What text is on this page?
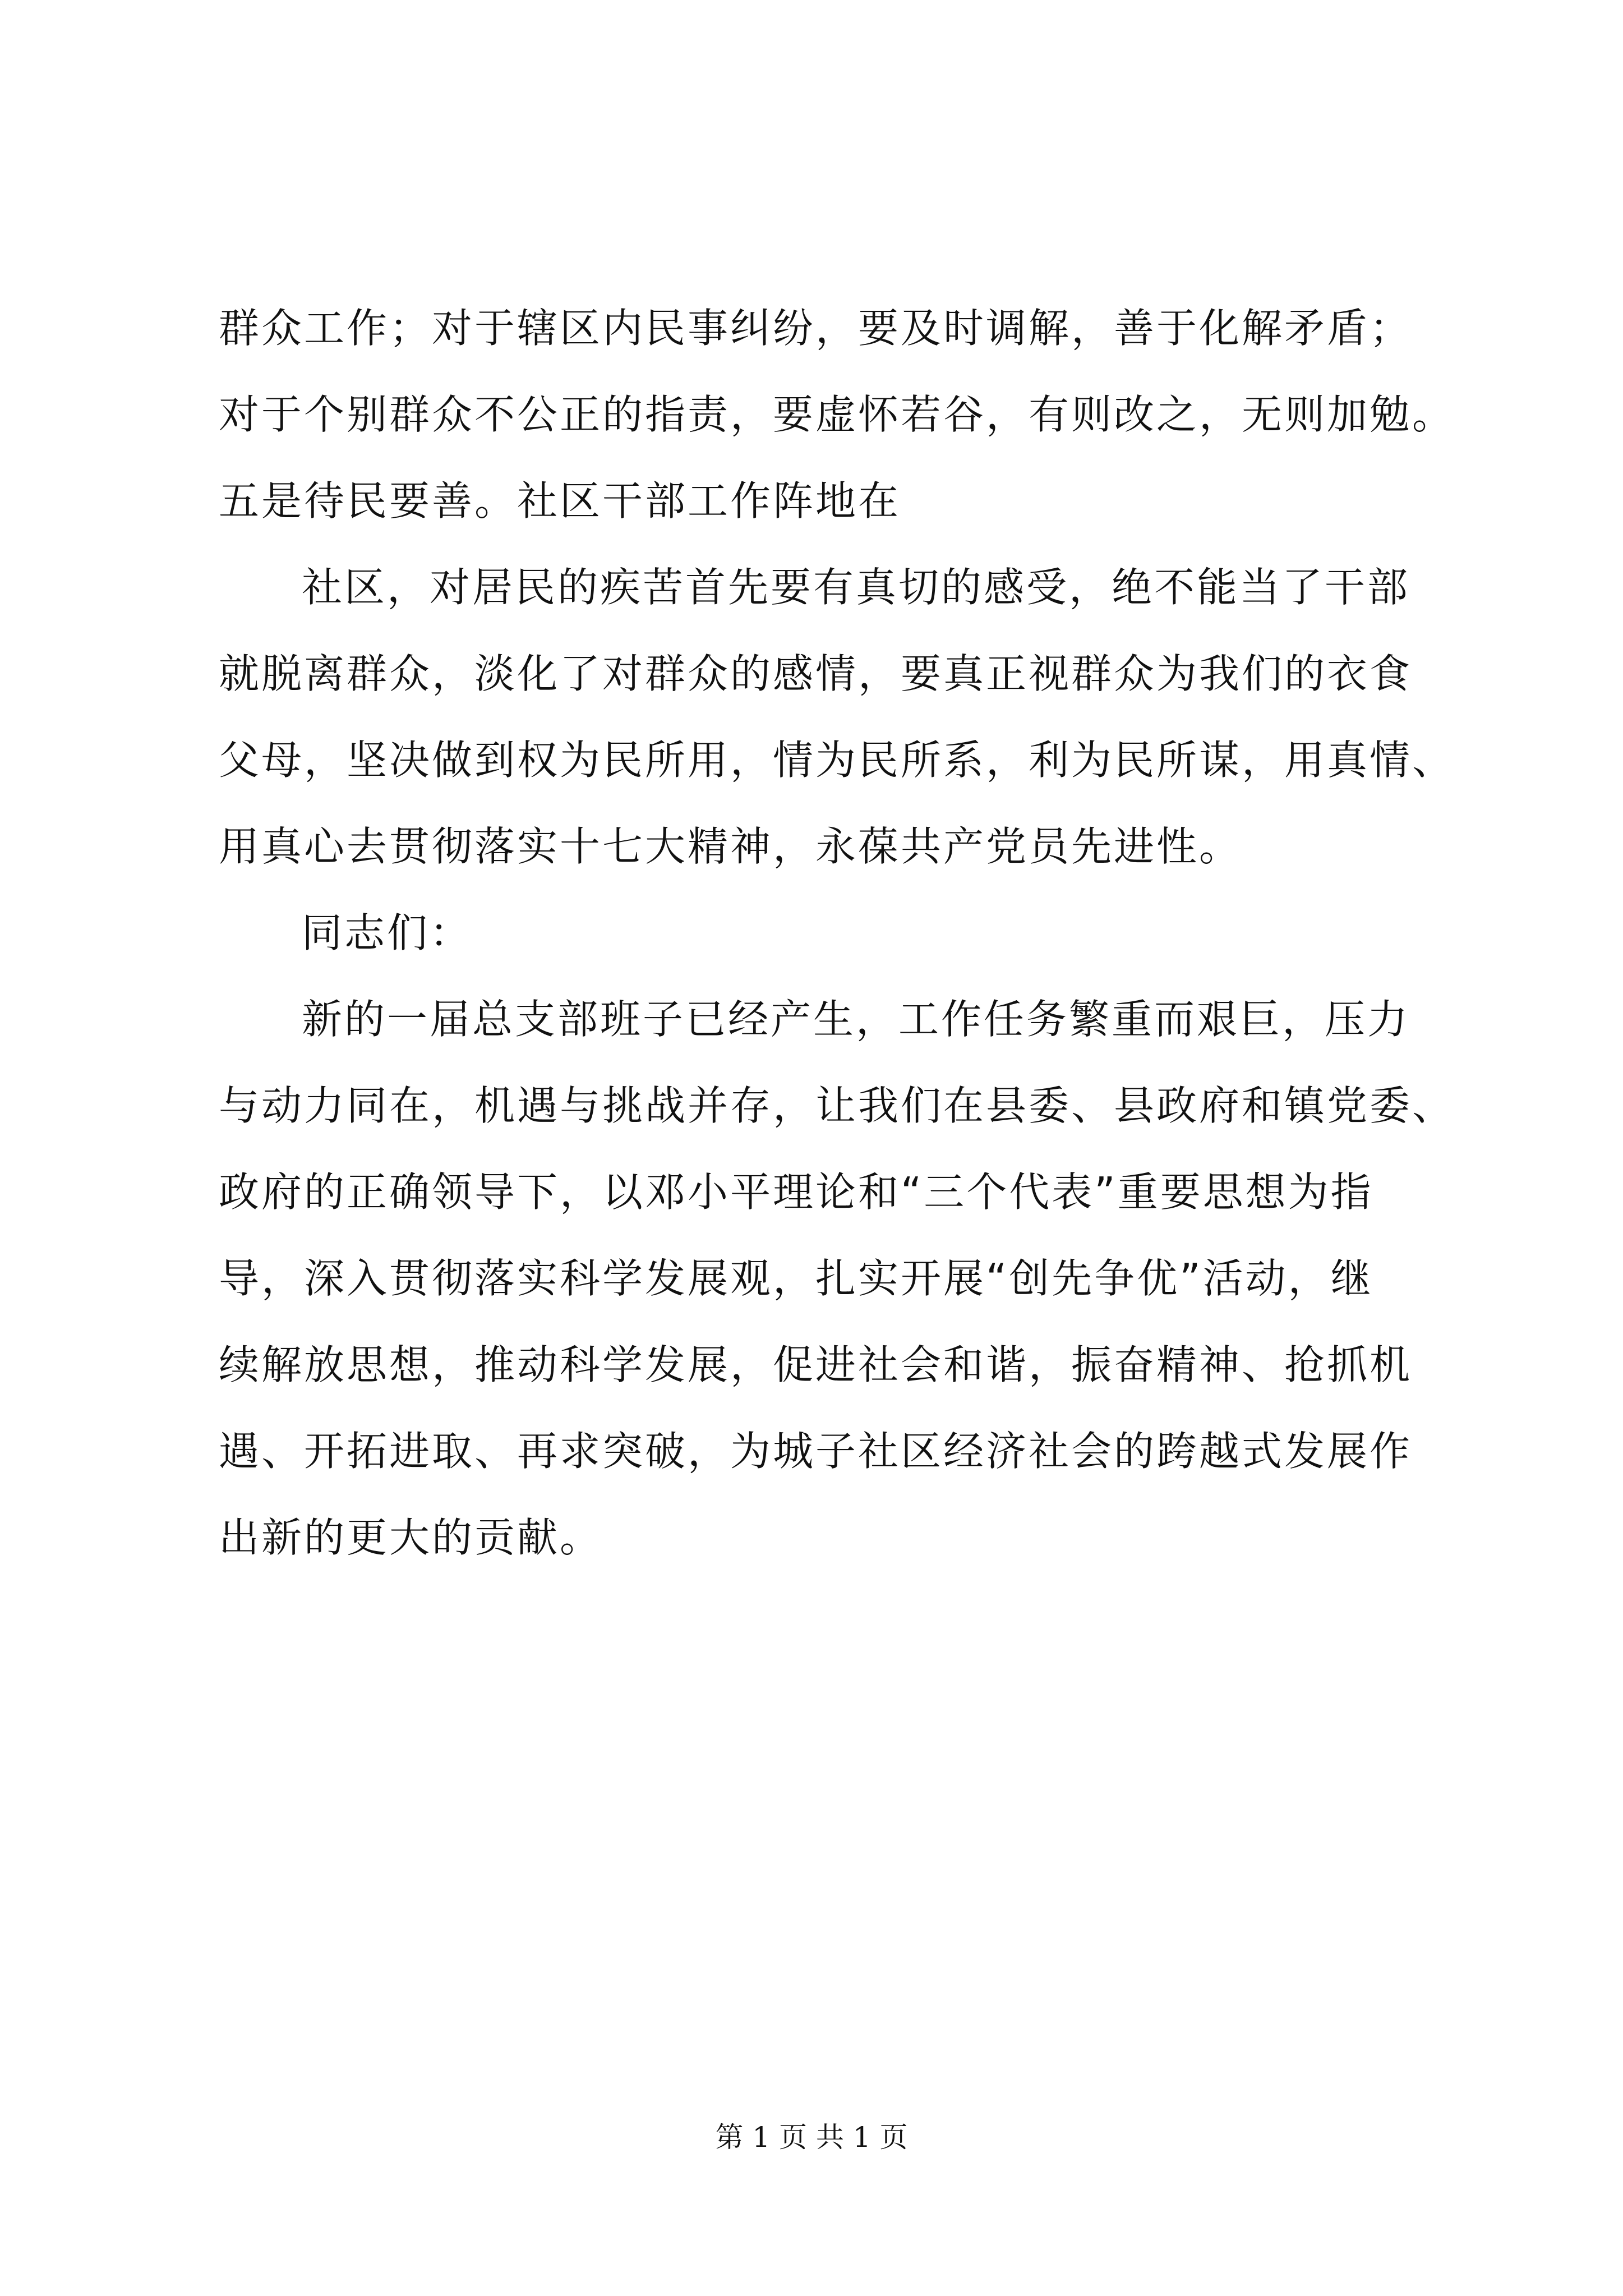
群众工作；对于辖区内民事纠纷，要及时调解，善于化解矛盾；
对于个别群众不公正的指责，要虚怀若谷，有则改之，无则加勉。
五是待民要善。社区干部工作阵地在
社区，对居民的疾苦首先要有真切的感受，绝不能当了干部
就脱离群众，淡化了对群众的感情，要真正视群众为我们的衣食
父母，坚决做到权为民所用，情为民所系，利为民所谋，用真情、
用真心去贯彻落实十七大精神，永葆共产党员先进性。
同志们：
新的一届总支部班子已经产生，工作任务繁重而艰巨，压力
与动力同在，机遇与挑战并存，让我们在县委、县政府和镇党委、
政府的正确领导下，以邓小平理论和“三个代表”重要思想为指
导，深入贯彻落实科学发展观，扎实开展“创先争优”活动，继
续解放思想，推动科学发展，促进社会和谐，振奋精神、抢抓机
遇、开拓进取、再求突破，为城子社区经济社会的跨越式发展作
出新的更大的贡献。
第 1 页 共 1 页
